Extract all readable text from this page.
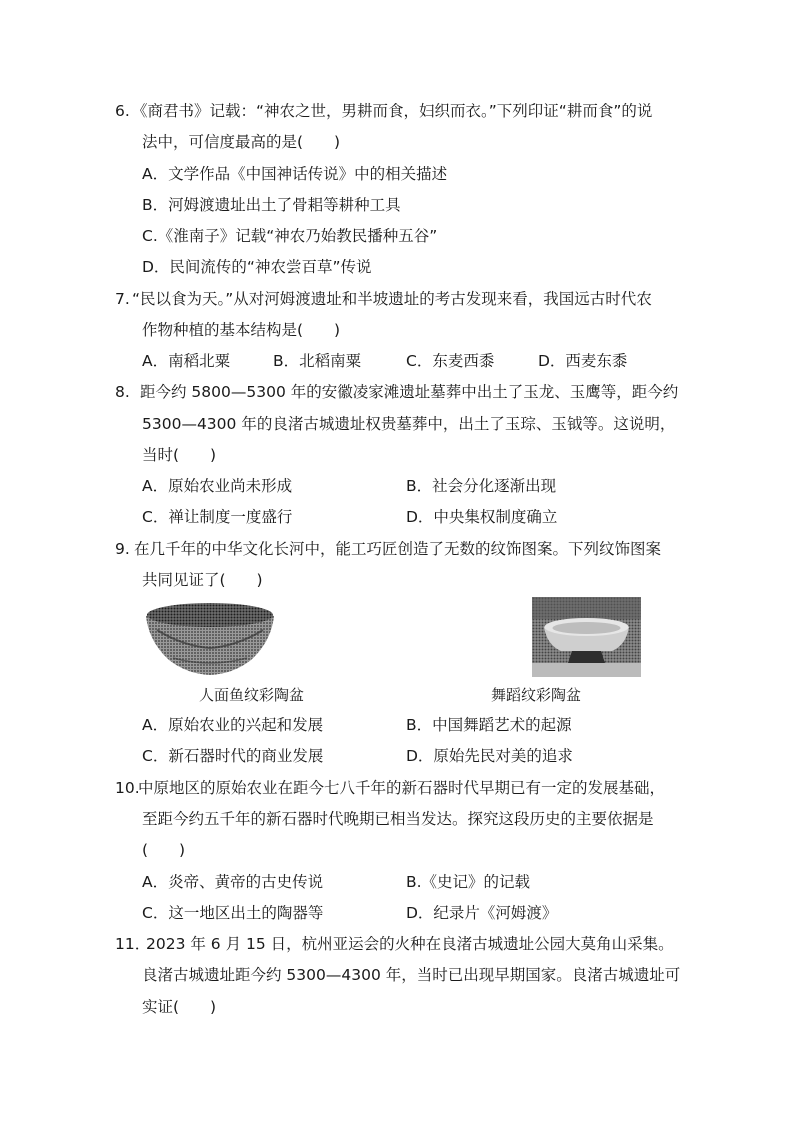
6. 《商君书》记载：“神农之世，男耕而食，妇织而衣。”下列印证“耕而食”的说
法中，可信度最高的是(　　)
A．文学作品《中国神话传说》中的相关描述
B．河姆渡遗址出土了骨耜等耕种工具
C.《淮南子》记载“神农乃始教民播种五谷”
D．民间流传的“神农尝百草”传说
7. “民以食为天。”从对河姆渡遗址和半坡遗址的考古发现来看，我国远古时代农
作物种植的基本结构是(　　)
A．南稻北粟	B．北稻南粟	C．东麦西黍	D．西麦东黍
8. 距今约 5800—5300 年的安徽凌家滩遗址墓葬中出土了玉龙、玉鹰等，距今约
5300—4300 年的良渚古城遗址权贵墓葬中，出土了玉琮、玉钺等。这说明，
当时(　　)
A．原始农业尚未形成	B．社会分化逐渐出现
C．禅让制度一度盛行	D．中央集权制度确立
9. 在几千年的中华文化长河中，能工巧匠创造了无数的纹饰图案。下列纹饰图案
共同见证了(　　)
人面鱼纹彩陶盆	舞蹈纹彩陶盆
A．原始农业的兴起和发展	B．中国舞蹈艺术的起源
C．新石器时代的商业发展	D．原始先民对美的追求
10.
中原地区的原始农业在距今七八千年的新石器时代早期已有一定的发展基础，
至距今约五千年的新石器时代晚期已相当发达。探究这段历史的主要依据是
(　　)
A．炎帝、黄帝的古史传说	B.《史记》的记载
C．这一地区出土的陶器等	D．纪录片《河姆渡》
11．
2023 年 6 月 15 日，杭州亚运会的火种在良渚古城遗址公园大莫角山采集。
良渚古城遗址距今约 5300—4300 年，当时已出现早期国家。良渚古城遗址可
实证(　　)
